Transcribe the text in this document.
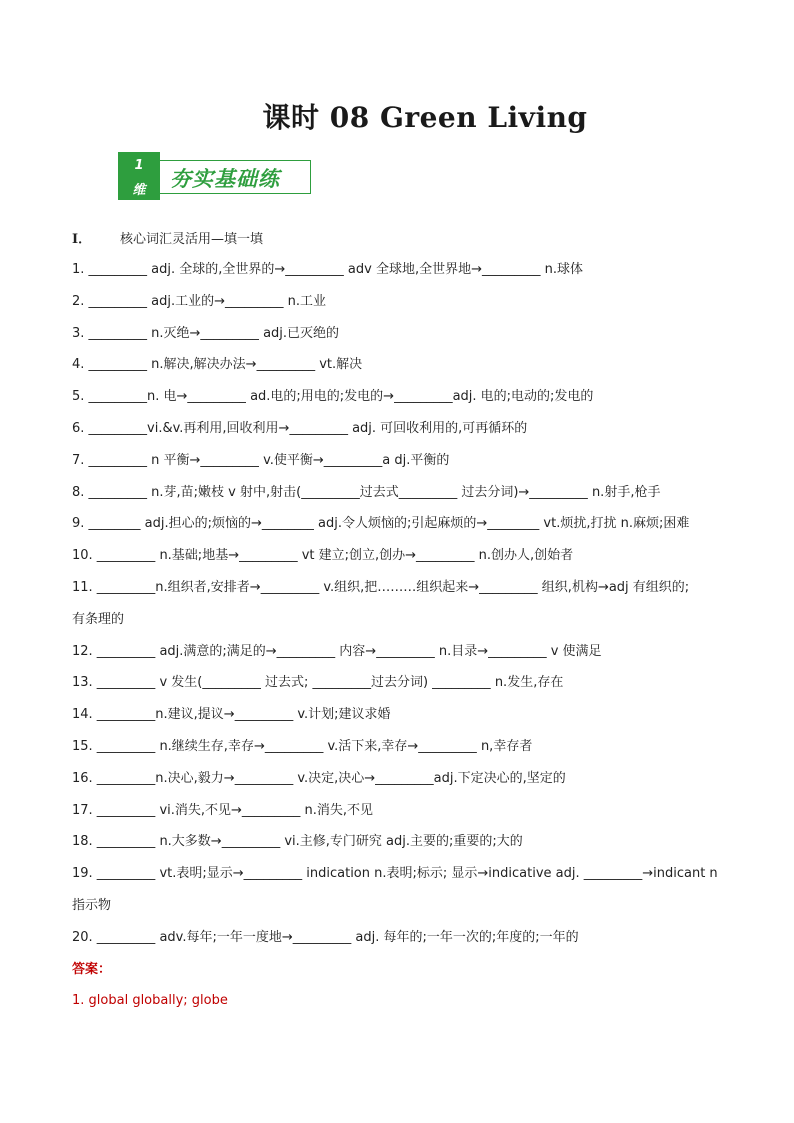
课时 08 Green Living
1
维	夯实基础练
I． 核心词汇灵活用—填一填
1. _________ adj. 全球的,全世界的→_________ adv 全球地,全世界地→_________ n.球体
2. _________ adj.工业的→_________ n.工业
3. _________ n.灭绝→_________ adj.已灭绝的
4. _________ n.解决,解决办法→_________ vt.解决
5. _________n. 电→_________ ad.电的;用电的;发电的→_________adj. 电的;电动的;发电的
6. _________vi.&v.再利用,回收利用→_________ adj. 可回收利用的,可再循环的
7. _________ n 平衡→_________ v.使平衡→_________a dj.平衡的
8. _________ n.芽,苗;嫩枝 v 射中,射击(_________过去式_________ 过去分词)→_________ n.射手,枪手
9. ________ adj.担心的;烦恼的→________ adj.令人烦恼的;引起麻烦的→________ vt.烦扰,打扰 n.麻烦;困难
10. _________ n.基础;地基→_________ vt 建立;创立,创办→_________ n.创办人,创始者
11. _________n.组织者,安排者→_________ v.组织,把………组织起来→_________ 组织,机构→adj 有组织的;
有条理的
12. _________ adj.满意的;满足的→_________ 内容→_________ n.目录→_________ v 使满足
13. _________ v 发生(_________ 过去式; _________过去分词) _________ n.发生,存在
14. _________n.建议,提议→_________ v.计划;建议求婚
15. _________ n.继续生存,幸存→_________ v.活下来,幸存→_________ n,幸存者
16. _________n.决心,毅力→_________ v.决定,决心→_________adj.下定决心的,坚定的
17. _________ vi.消失,不见→_________ n.消失,不见
18. _________ n.大多数→_________ vi.主修,专门研究 adj.主要的;重要的;大的
19. _________ vt.表明;显示→_________ indication n.表明;标示; 显示→indicative adj. _________→indicant n
指示物
20. _________ adv.每年;一年一度地→_________ adj. 每年的;一年一次的;年度的;一年的
答案：
1. global globally; globe
